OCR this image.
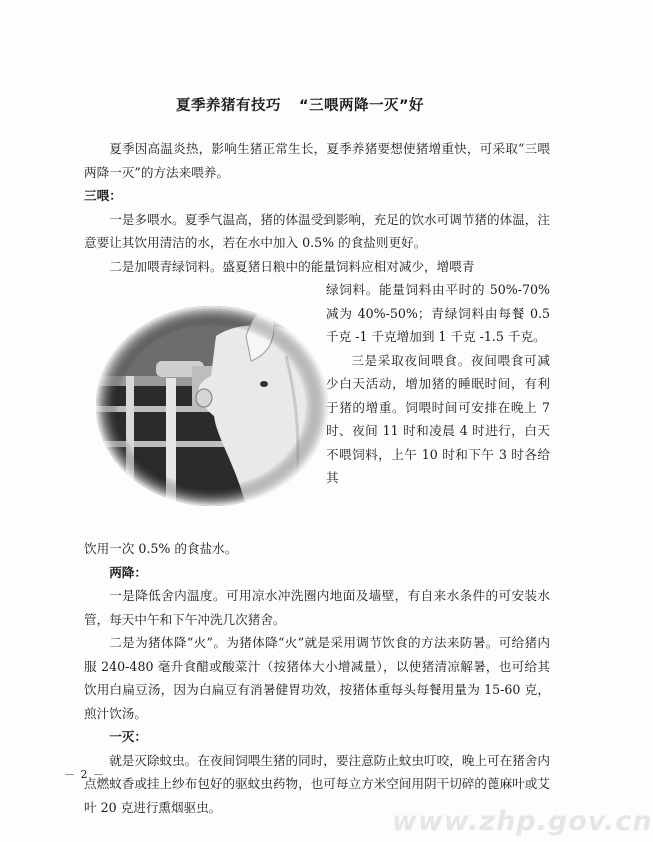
夏季养猪有技巧 “三喂两降一灭”好

夏季因高温炎热，影响生猪正常生长，夏季养猪要想使猪增重快，可采取“三喂两降一灭”的方法来喂养。

三喂：

一是多喂水。夏季气温高，猪的体温受到影响，充足的饮水可调节猪的体温，注意要让其饮用清洁的水，若在水中加入 0.5% 的食盐则更好。

二是加喂青绿饲料。盛夏猪日粮中的能量饲料应相对减少，增喂青

绿饲料。能量饲料由平时的 50%-70% 减为 40%-50%；青绿饲料由每餐 0.5 千克 -1 千克增加到 1 千克 -1.5 千克。

三是采取夜间喂食。夜间喂食可减少白天活动，增加猪的睡眠时间，有利于猪的增重。饲喂时间可安排在晚上 7 时、夜间 11 时和凌晨 4 时进行，白天不喂饲料，上午 10 时和下午 3 时各给其

饮用一次 0.5% 的食盐水。

两降：

一是降低舍内温度。可用凉水冲洗圈内地面及墙壁，有自来水条件的可安装水管，每天中午和下午冲洗几次猪舍。

二是为猪体降“火”。为猪体降“火”就是采用调节饮食的方法来防暑。可给猪内服 240-480 毫升食醋或酸菜汁（按猪体大小增减量），以使猪清凉解暑，也可给其饮用白扁豆汤，因为白扁豆有消暑健胃功效，按猪体重每头每餐用量为 15-60 克，煎汁饮汤。

一灭：

就是灭除蚊虫。在夜间饲喂生猪的同时，要注意防止蚊虫叮咬，晚上可在猪舍内点燃蚊香或挂上纱布包好的驱蚊虫药物，也可每立方米空间用阴干切碎的蓖麻叶或艾叶 20 克进行熏烟驱虫。

－ 2 －
www.zhp.gov.cn
